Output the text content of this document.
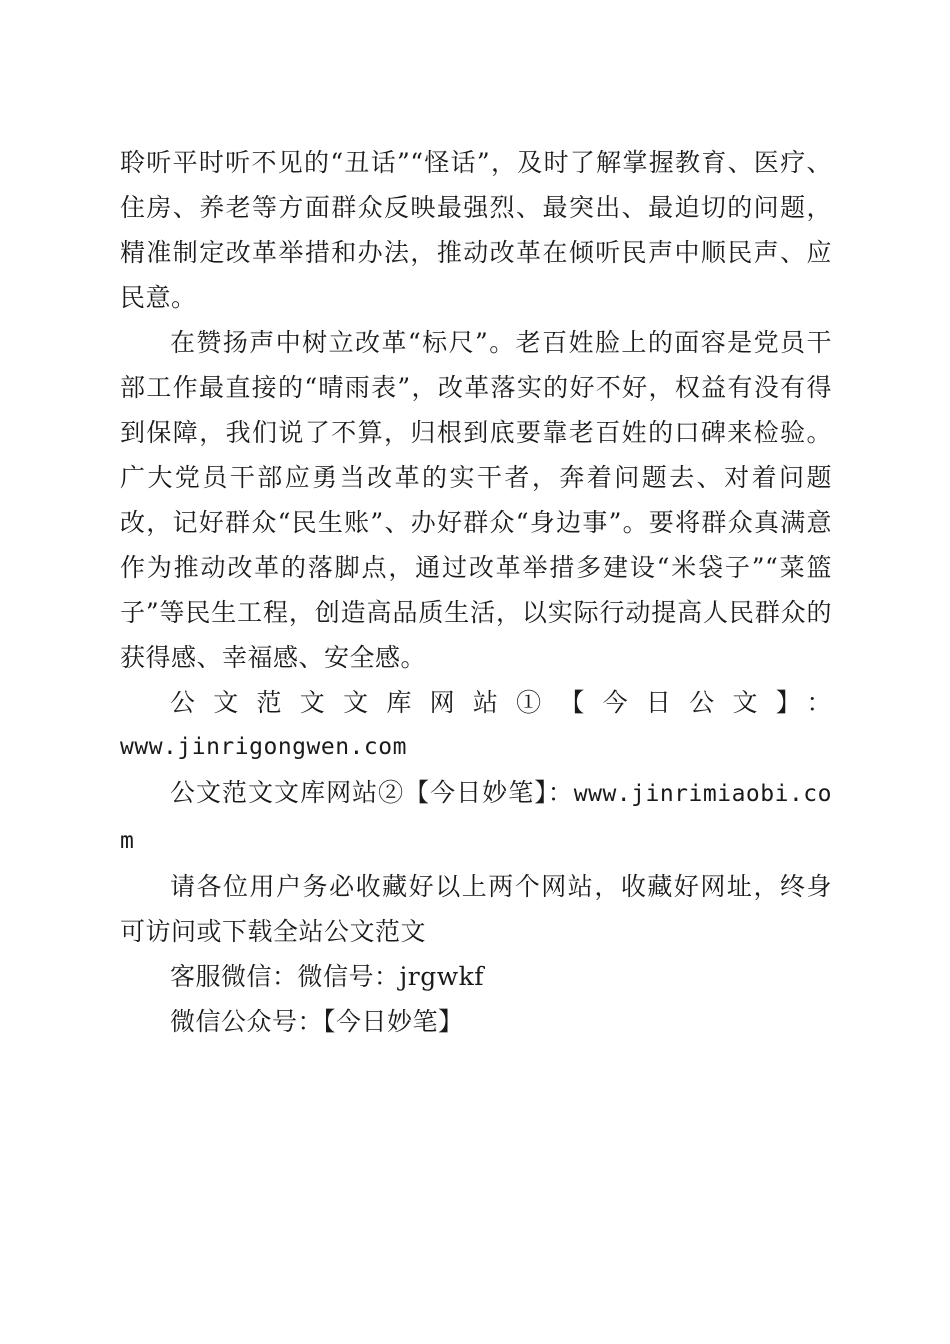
聆听平时听不见的“丑话”“怪话”，及时了解掌握教育、医疗、住房、养老等方面群众反映最强烈、最突出、最迫切的问题，精准制定改革举措和办法，推动改革在倾听民声中顺民声、应民意。

在赞扬声中树立改革“标尺”。老百姓脸上的面容是党员干部工作最直接的“晴雨表”，改革落实的好不好，权益有没有得到保障，我们说了不算，归根到底要靠老百姓的口碑来检验。广大党员干部应勇当改革的实干者，奔着问题去、对着问题改，记好群众“民生账”、办好群众“身边事”。要将群众真满意作为推动改革的落脚点，通过改革举措多建设“米袋子”“菜篮子”等民生工程，创造高品质生活，以实际行动提高人民群众的获得感、幸福感、安全感。

公文范文文库网站①【今日公文】：
www.jinrigongwen.com

公文范文文库网站②【今日妙笔】：www.jinrimiaobi.com

请各位用户务必收藏好以上两个网站，收藏好网址，终身可访问或下载全站公文范文

客服微信：微信号：jrgwkf

微信公众号：【今日妙笔】
